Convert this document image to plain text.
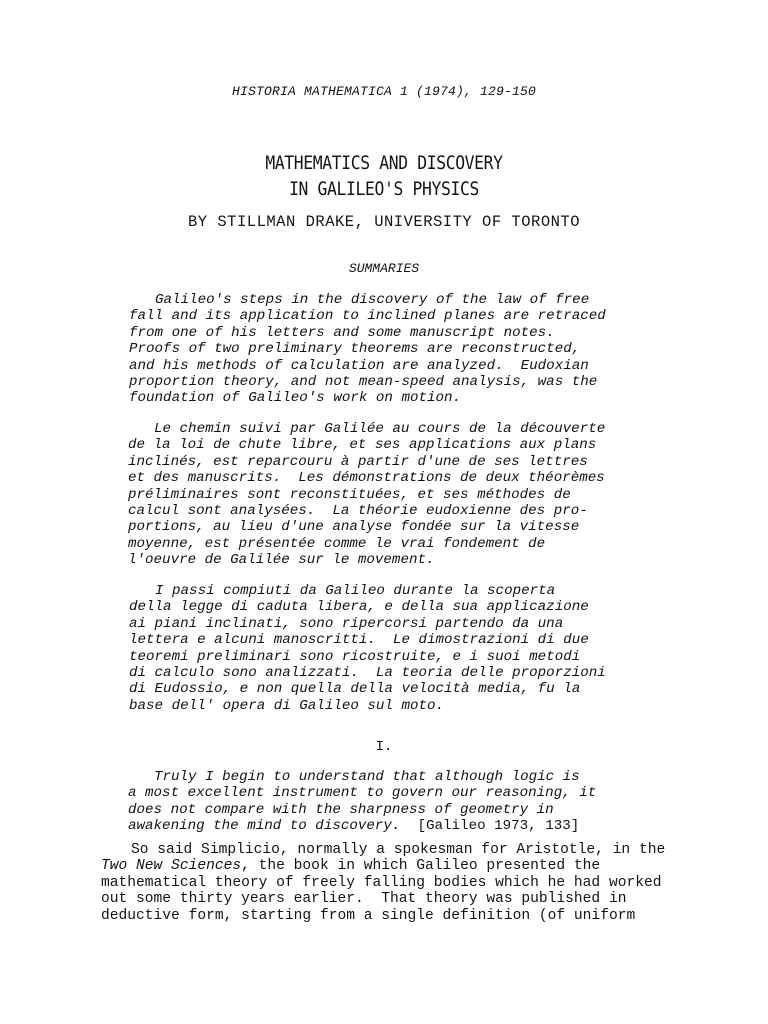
HISTORIA MATHEMATICA 1 (1974), 129-150
MATHEMATICS AND DISCOVERY
IN GALILEO'S PHYSICS
BY STILLMAN DRAKE, UNIVERSITY OF TORONTO
SUMMARIES
Galileo's steps in the discovery of the law of free
fall and its application to inclined planes are retraced
from one of his letters and some manuscript notes.
Proofs of two preliminary theorems are reconstructed,
and his methods of calculation are analyzed.  Eudoxian
proportion theory, and not mean-speed analysis, was the
foundation of Galileo's work on motion.
Le chemin suivi par Galilée au cours de la découverte
de la loi de chute libre, et ses applications aux plans
inclinés, est reparcouru à partir d'une de ses lettres
et des manuscrits.  Les démonstrations de deux théorèmes
préliminaires sont reconstituées, et ses méthodes de
calcul sont analysées.  La théorie eudoxienne des pro-
portions, au lieu d'une analyse fondée sur la vitesse
moyenne, est présentée comme le vrai fondement de
l'oeuvre de Galilée sur le movement.
I passi compiuti da Galileo durante la scoperta
della legge di caduta libera, e della sua applicazione
ai piani inclinati, sono ripercorsi partendo da una
lettera e alcuni manoscritti.  Le dimostrazioni di due
teoremi preliminari sono ricostruite, e i suoi metodi
di calculo sono analizzati.  La teoria delle proporzioni
di Eudossio, e non quella della velocità media, fu la
base dell' opera di Galileo sul moto.
I.
Truly I begin to understand that although logic is
a most excellent instrument to govern our reasoning, it
does not compare with the sharpness of geometry in
awakening the mind to discovery. [Galileo 1973, 133]
So said Simplicio, normally a spokesman for Aristotle, in the
Two New Sciences, the book in which Galileo presented the
mathematical theory of freely falling bodies which he had worked
out some thirty years earlier.  That theory was published in
deductive form, starting from a single definition (of uniform
